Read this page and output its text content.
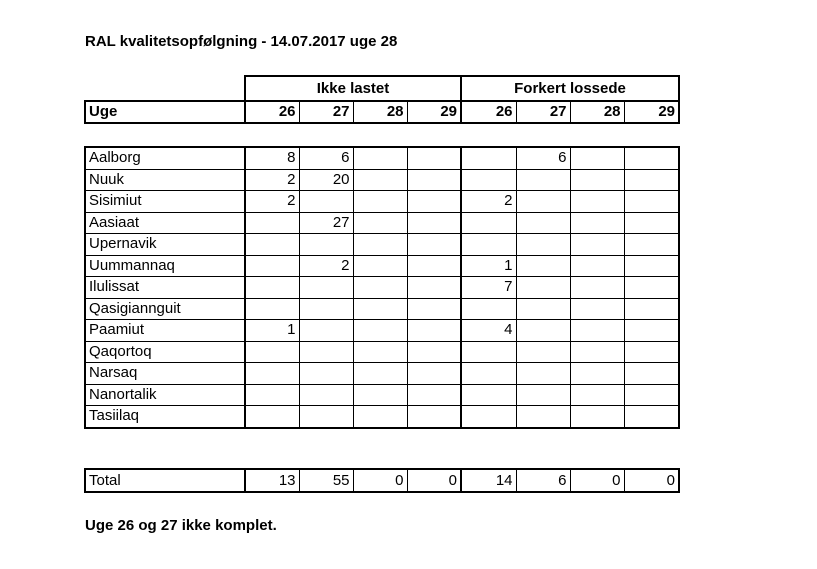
RAL kvalitetsopfølgning - 14.07.2017 uge 28
Ikke lastet	Forkert lossede
Uge	26	27	28	29	26	27	28	29
Aalborg	8	6				6		
Nuuk	2	20						
Sisimiut	2				2			
Aasiaat		27						
Upernavik								
Uummannaq		2			1			
Ilulissat					7			
Qasigiannguit								
Paamiut	1				4			
Qaqortoq								
Narsaq								
Nanortalik								
Tasiilaq								
Total	13	55	0	0	14	6	0	0
Uge 26 og 27 ikke komplet.
